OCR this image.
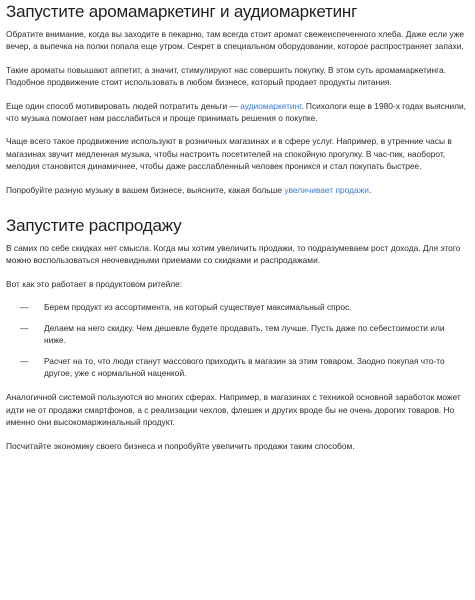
Запустите аромамаркетинг и аудиомаркетинг

Обратите внимание, когда вы заходите в пекарню, там всегда стоит аромат свежеиспеченного хлеба. Даже если уже вечер, а выпечка на полки попала еще утром. Секрет в специальном оборудовании, которое распространяет запахи.

Такие ароматы повышают аппетит, а значит, стимулируют нас совершить покупку. В этом суть аромамаркетинга. Подобное продвижение стоит использовать в любом бизнесе, который продает продукты питания.

Еще один способ мотивировать людей потратить деньги — аудиомаркетинг. Психологи еще в 1980-х годах выяснили, что музыка помогает нам расслабиться и проще принимать решения о покупке.

Чаще всего такое продвижение используют в розничных магазинах и в сфере услуг. Например, в утренние часы в магазинах звучит медленная музыка, чтобы настроить посетителей на спокойную прогулку. В час-пик, наоборот, мелодия становится динамичнее, чтобы даже расслабленный человек проникся и стал покупать быстрее.

Попробуйте разную музыку в вашем бизнесе, выясните, какая больше увеличивает продажи.

Запустите распродажу

В самих по себе скидках нет смысла. Когда мы хотим увеличить продажи, то подразумеваем рост дохода. Для этого можно воспользоваться неочевидными приемами со скидками и распродажами.

Вот как это работает в продуктовом ритейле:

— Берем продукт из ассортимента, на который существует максимальный спрос.
— Делаем на него скидку. Чем дешевле будете продавать, тем лучше. Пусть даже по себестоимости или ниже.
— Расчет на то, что люди станут массового приходить в магазин за этим товаром. Заодно покупая что-то другое, уже с нормальной наценкой.

Аналогичной системой пользуются во многих сферах. Например, в магазинах с техникой основной заработок может идти не от продажи смартфонов, а с реализации чехлов, флешек и других вроде бы не очень дорогих товаров. Но именно они высокомаржинальный продукт.

Посчитайте экономику своего бизнеса и попробуйте увеличить продажи таким способом.
